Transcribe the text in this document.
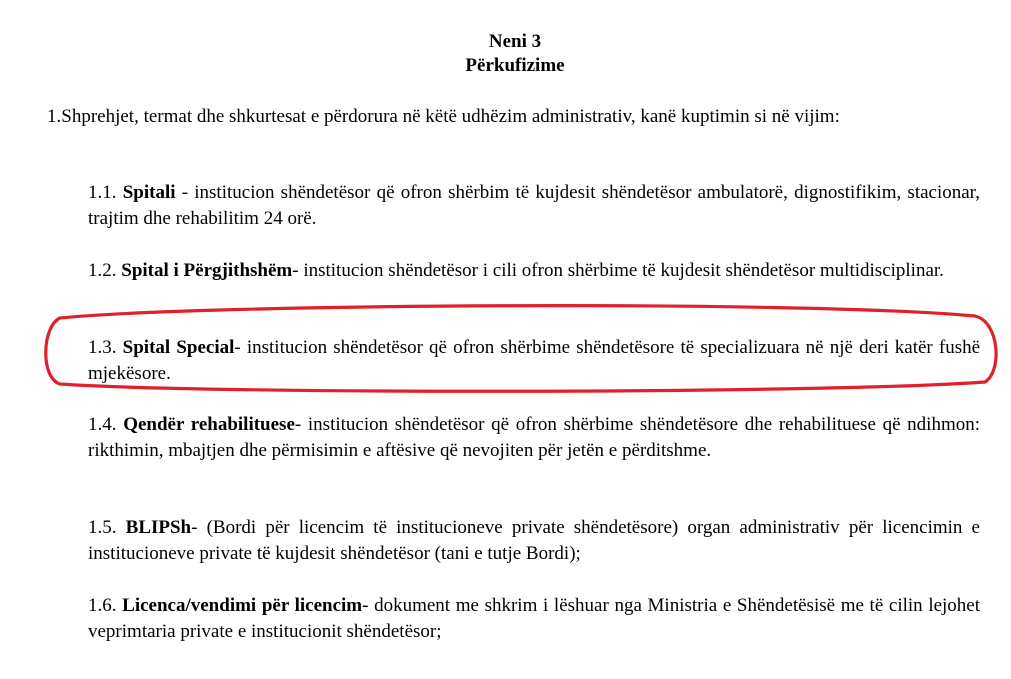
Neni 3
Përkufizime

1.Shprehjet, termat dhe shkurtesat e përdorura në këtë udhëzim administrativ, kanë kuptimin si në vijim:

1.1. Spitali - institucion shëndetësor që ofron shërbim të kujdesit shëndetësor ambulatorë, dignostifikim, stacionar, trajtim dhe rehabilitim 24 orë.

1.2. Spital i Përgjithshëm- institucion shëndetësor i cili ofron shërbime të kujdesit shëndetësor multidisciplinar.

1.3. Spital Special- institucion shëndetësor që ofron shërbime shëndetësore të specializuara në një deri katër fushë mjekësore.

1.4. Qendër rehabilituese- institucion shëndetësor që ofron shërbime shëndetësore dhe rehabilituese që ndihmon: rikthimin, mbajtjen dhe përmisimin e aftësive që nevojiten për jetën e përditshme.

1.5. BLIPSh- (Bordi për licencim të institucioneve private shëndetësore) organ administrativ për licencimin e institucioneve private të kujdesit shëndetësor (tani e tutje Bordi);

1.6. Licenca/vendimi për licencim- dokument me shkrim i lëshuar nga Ministria e Shëndetësisë me të cilin lejohet veprimtaria private e institucionit shëndetësor;
